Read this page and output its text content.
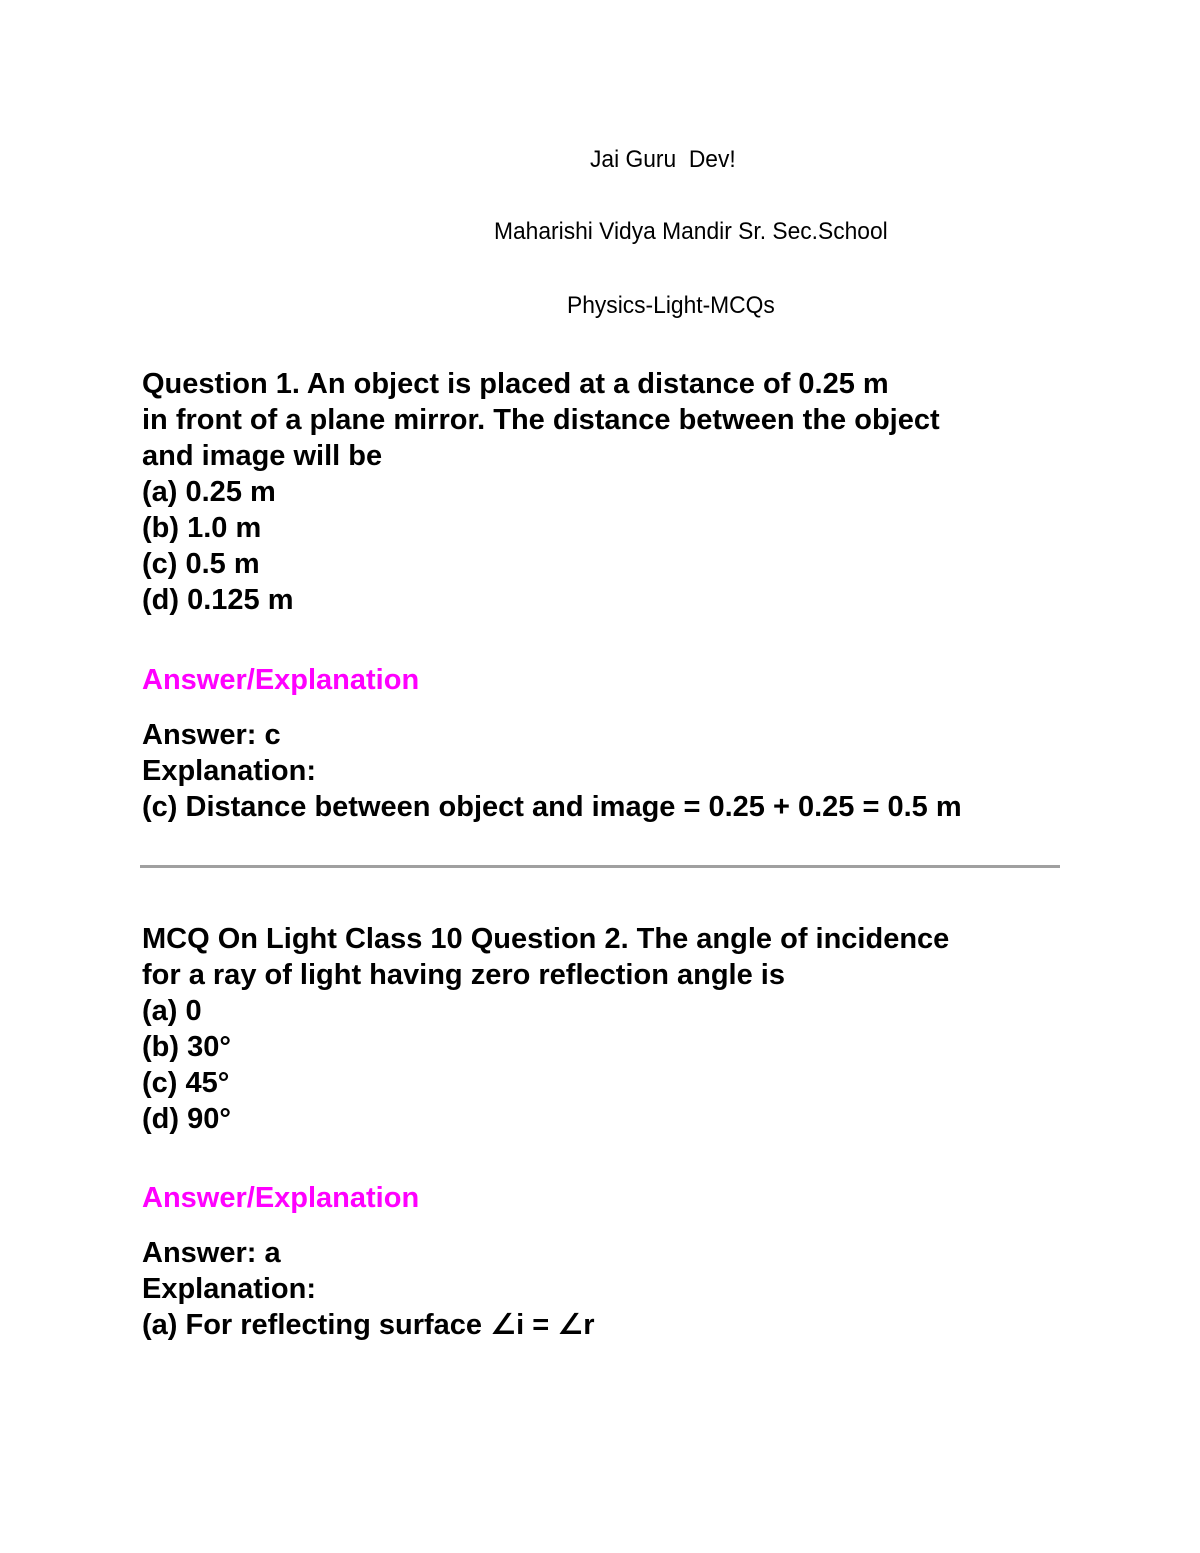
Jai Guru  Dev!
Maharishi Vidya Mandir Sr. Sec.School
Physics-Light-MCQs
Question 1. An object is placed at a distance of 0.25 m
in front of a plane mirror. The distance between the object
and image will be
(a) 0.25 m
(b) 1.0 m
(c) 0.5 m
(d) 0.125 m
Answer/Explanation
Answer: c
Explanation:
(c) Distance between object and image = 0.25 + 0.25 = 0.5 m
MCQ On Light Class 10 Question 2. The angle of incidence
for a ray of light having zero reflection angle is
(a) 0
(b) 30°
(c) 45°
(d) 90°
Answer/Explanation
Answer: a
Explanation:
(a) For reflecting surface ∠i = ∠r
